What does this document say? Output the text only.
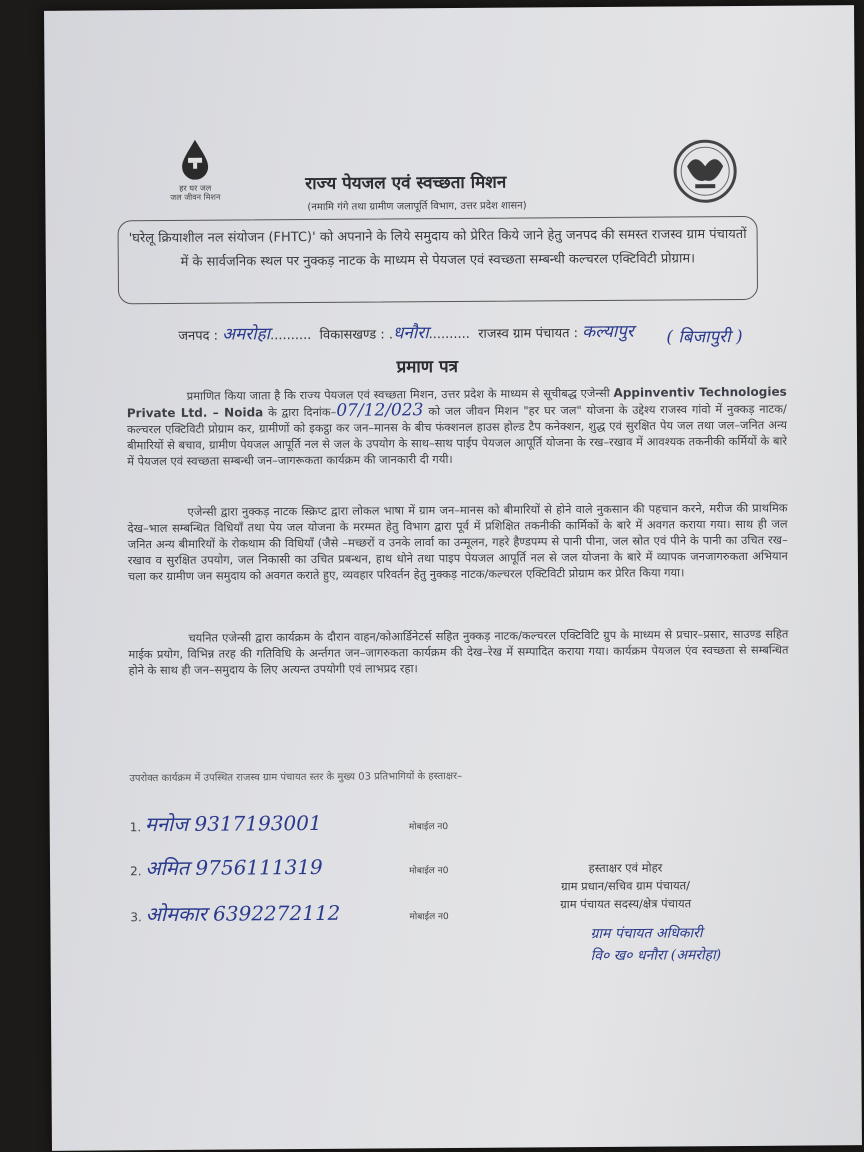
हर घर जल
जल जीवन मिशन
राज्य पेयजल एवं स्वच्छता मिशन
(नमामि गंगे तथा ग्रामीण जलापूर्ति विभाग, उत्तर प्रदेश शासन)
'घरेलू क्रियाशील नल संयोजन (FHTC)' को अपनाने के लिये समुदाय को प्रेरित किये जाने हेतु जनपद की समस्त राजस्व ग्राम पंचायतों में के सार्वजनिक स्थल पर नुक्कड़ नाटक के माध्यम से पेयजल एवं स्वच्छता सम्बन्धी कल्चरल एक्टिविटी प्रोग्राम।
जनपद : अमरोहा..........  विकासखण्ड : .धनौरा..........  राजस्व ग्राम पंचायत : कल्यापुर ( बिजापुरी )
प्रमाण पत्र
प्रमाणित किया जाता है कि राज्य पेयजल एवं स्वच्छता मिशन, उत्तर प्रदेश के माध्यम से सूचीबद्ध एजेन्सी Appinventiv Technologies Private Ltd. – Noida के द्वारा दिनांक–07/12/023 को जल जीवन मिशन "हर घर जल" योजना के उद्देश्य राजस्व गांवो में नुक्कड़ नाटक/कल्चरल एक्टिविटी प्रोग्राम कर, ग्रामीणों को इकट्ठा कर जन–मानस के बीच फंक्शनल हाउस होल्ड टैप कनेक्शन, शुद्ध एवं सुरक्षित पेय जल तथा जल–जनित अन्य बीमारियों से बचाव, ग्रामीण पेयजल आपूर्ति नल से जल के उपयोग के साथ–साथ पाईप पेयजल आपूर्ति योजना के रख–रखाव में आवश्यक तकनीकी कर्मियों के बारे में पेयजल एवं स्वच्छता सम्बन्धी जन–जागरूकता कार्यक्रम की जानकारी दी गयी।
एजेन्सी द्वारा नुक्कड़ नाटक स्क्रिप्ट द्वारा लोकल भाषा में ग्राम जन–मानस को बीमारियों से होने वाले नुकसान की पहचान करने, मरीज की प्राथमिक देख–भाल सम्बन्धित विधियाँ तथा पेय जल योजना के मरम्मत हेतु विभाग द्वारा पूर्व में प्रशिक्षित तकनीकी कार्मिकों के बारे में अवगत कराया गया। साथ ही जल जनित अन्य बीमारियों के रोकथाम की विधियाँ (जैसे –मच्छरों व उनके लार्वा का उन्मूलन, गहरे हैण्डपम्प से पानी पीना, जल स्रोत एवं पीने के पानी का उचित रख–रखाव व सुरक्षित उपयोग, जल निकासी का उचित प्रबन्धन, हाथ धोने तथा पाइप पेयजल आपूर्ति नल से जल योजना के बारे में व्यापक जनजागरुकता अभियान चला कर ग्रामीण जन समुदाय को अवगत कराते हुए, व्यवहार परिवर्तन हेतु नुक्कड़ नाटक/कल्चरल एक्टिविटी प्रोग्राम कर प्रेरित किया गया।
चयनित एजेन्सी द्वारा कार्यक्रम के दौरान वाहन/कोआर्डिनेटर्स सहित नुक्कड़ नाटक/कल्चरल एक्टिविटि ग्रुप के माध्यम से प्रचार–प्रसार, साउण्ड सहित माईक प्रयोग, विभिन्न तरह की गतिविधि के अर्न्तगत जन–जागरुकता कार्यक्रम की देख–रेख में सम्पादित कराया गया। कार्यक्रम पेयजल एंव स्वच्छता से सम्बन्धित होने के साथ ही जन–समुदाय के लिए अत्यन्त उपयोगी एवं लाभप्रद रहा।
उपरोक्त कार्यक्रम में उपस्थित राजस्व ग्राम पंचायत स्तर के मुख्य 03 प्रतिभागियों के हस्ताक्षर–
1. मनोज 9317193001	मोबाईल न0
2. अमित 9756111319	मोबाईल न0
3. ओमकार 6392272112	मोबाईल न0
हस्ताक्षर एवं मोहर
ग्राम प्रधान/सचिव ग्राम पंचायत/
ग्राम पंचायत सदस्य/क्षेत्र पंचायत
ग्राम पंचायत अधिकारी
वि० ख० धनौरा (अमरोहा)
